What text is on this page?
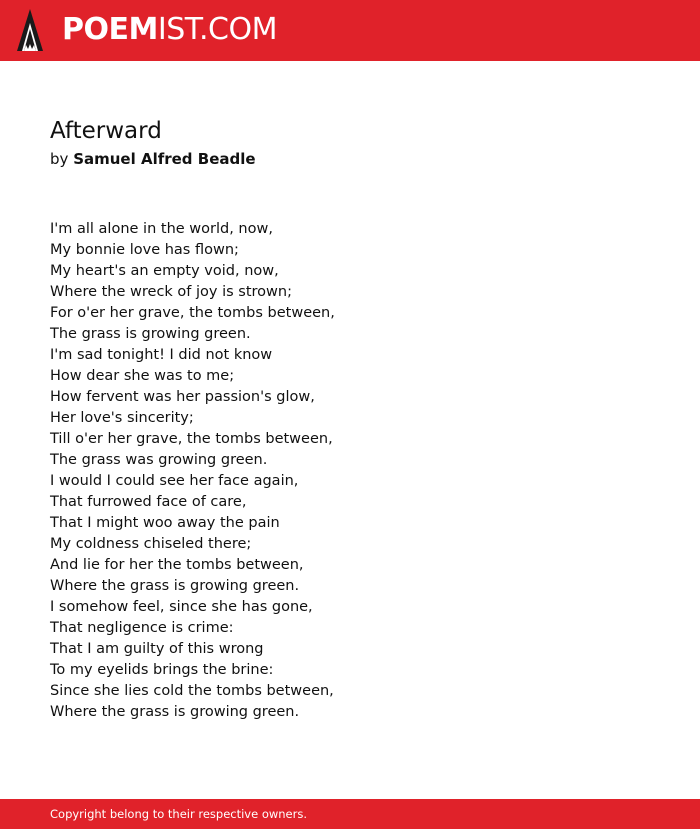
POEMIST.COM
Afterward
by Samuel Alfred Beadle
I'm all alone in the world, now,
My bonnie love has flown;
My heart's an empty void, now,
Where the wreck of joy is strown;
For o'er her grave, the tombs between,
The grass is growing green.
I'm sad tonight! I did not know
How dear she was to me;
How fervent was her passion's glow,
Her love's sincerity;
Till o'er her grave, the tombs between,
The grass was growing green.
I would I could see her face again,
That furrowed face of care,
That I might woo away the pain
My coldness chiseled there;
And lie for her the tombs between,
Where the grass is growing green.
I somehow feel, since she has gone,
That negligence is crime:
That I am guilty of this wrong
To my eyelids brings the brine:
Since she lies cold the tombs between,
Where the grass is growing green.
Copyright belong to their respective owners.
